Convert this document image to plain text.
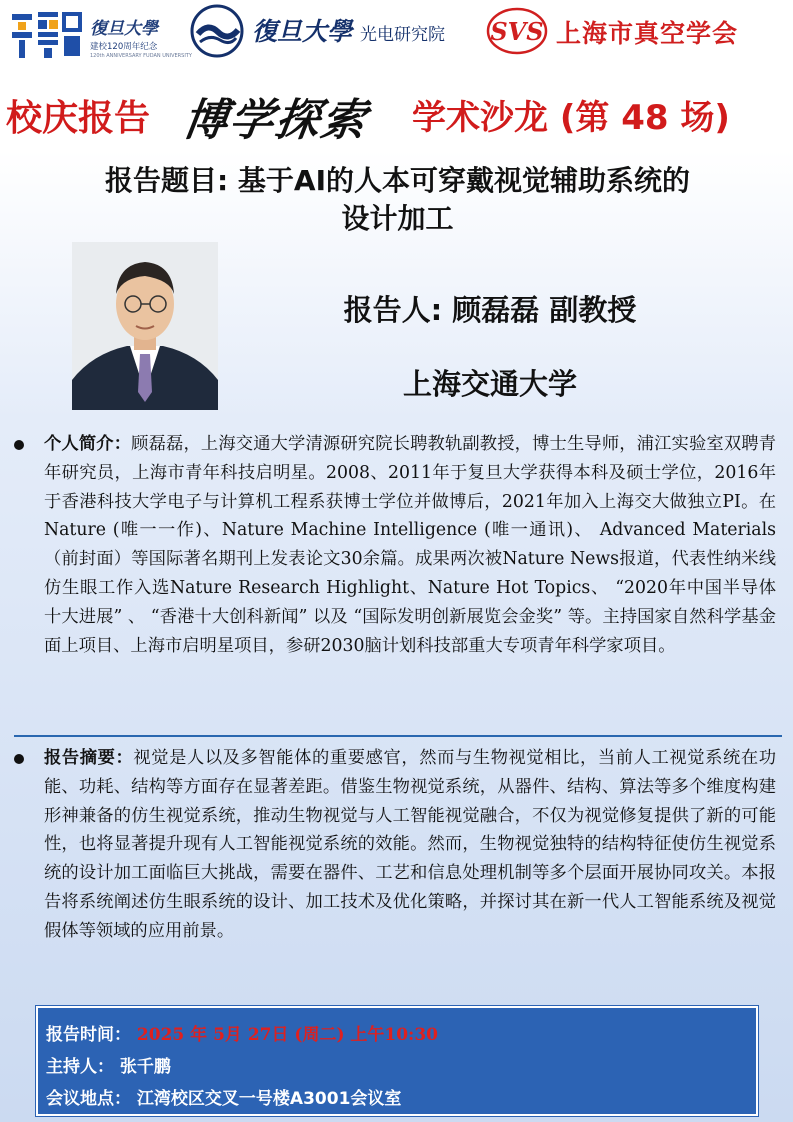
復旦大學
建校120周年纪念
120th ANNIVERSARY FUDAN UNIVERSITY
復旦大學 光电研究院 SVS 上海市真空学会
校庆报告 博学探索 学术沙龙 (第 48 场)
报告题目: 基于AI的人本可穿戴视觉辅助系统的
设计加工
报告人: 顾磊磊 副教授
上海交通大学
个人简介：顾磊磊，上海交通大学清源研究院长聘教轨副教授，博士生导师，浦江实验室双聘青年研究员，上海市青年科技启明星。2008、2011年于复旦大学获得本科及硕士学位，2016年于香港科技大学电子与计算机工程系获博士学位并做博后，2021年加入上海交大做独立PI。在Nature (唯一一作)、Nature Machine Intelligence (唯一通讯)、 Advanced Materials（前封面）等国际著名期刊上发表论文30余篇。成果两次被Nature News报道，代表性纳米线仿生眼工作入选Nature Research Highlight、Nature Hot Topics、 “2020年中国半导体十大进展” 、 “香港十大创科新闻” 以及 “国际发明创新展览会金奖” 等。主持国家自然科学基金面上项目、上海市启明星项目，参研2030脑计划科技部重大专项青年科学家项目。
报告摘要：视觉是人以及多智能体的重要感官，然而与生物视觉相比，当前人工视觉系统在功能、功耗、结构等方面存在显著差距。借鉴生物视觉系统，从器件、结构、算法等多个维度构建形神兼备的仿生视觉系统，推动生物视觉与人工智能视觉融合，不仅为视觉修复提供了新的可能性，也将显著提升现有人工智能视觉系统的效能。然而，生物视觉独特的结构特征使仿生视觉系统的设计加工面临巨大挑战，需要在器件、工艺和信息处理机制等多个层面开展协同攻关。本报告将系统阐述仿生眼系统的设计、加工技术及优化策略，并探讨其在新一代人工智能系统及视觉假体等领域的应用前景。
报告时间： 2025 年 5月 27日 (周二) 上午10:30
主持人： 张千鹏
会议地点： 江湾校区交叉一号楼A3001会议室
